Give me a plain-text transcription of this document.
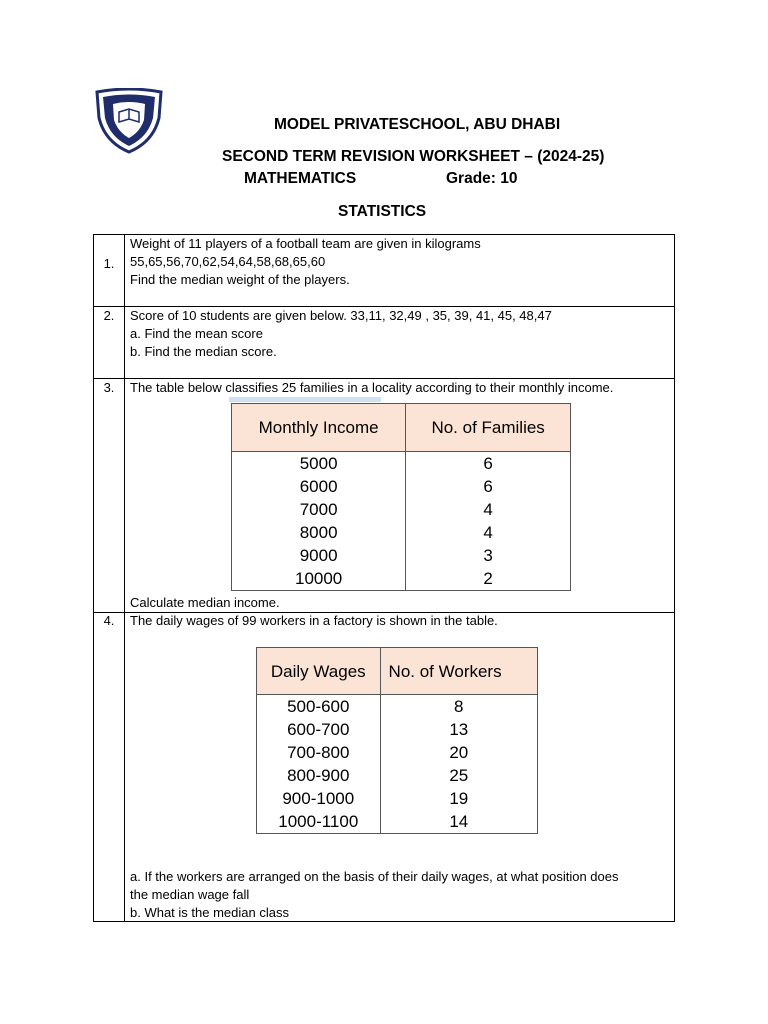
MODEL PRIVATESCHOOL, ABU DHABI
SECOND TERM REVISION WORKSHEET – (2024-25)
MATHEMATICS	Grade: 10
STATISTICS
1.
Weight of 11 players of a football team are given in kilograms
55,65,56,70,62,54,64,58,68,65,60
Find the median weight of the players.
2.	Score of 10 students are given below. 33,11, 32,49 , 35, 39, 41, 45, 48,47
a. Find the mean score
b. Find the median score.
3.	The table below classifies 25 families in a locality according to their monthly income.
Monthly Income	No. of Families
5000	6
6000	6
7000	4
8000	4
9000	3
10000	2
Calculate median income.
4.	The daily wages of 99 workers in a factory is shown in the table.
Daily Wages	No. of Workers
500-600	8
600-700	13
700-800	20
800-900	25
900-1000	19
1000-1100	14
a. If the workers are arranged on the basis of their daily wages, at what position does
the median wage fall
b. What is the median class
